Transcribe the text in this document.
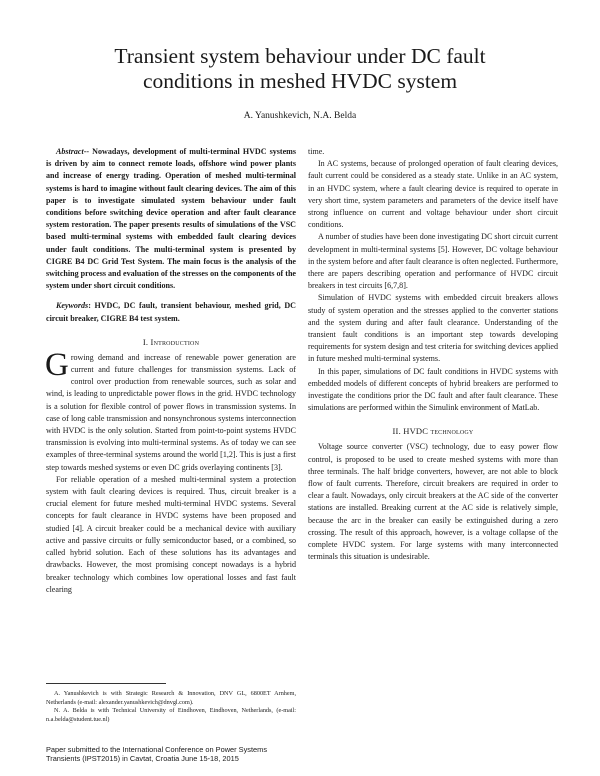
Transient system behaviour under DC fault
conditions in meshed HVDC system
A. Yanushkevich, N.A. Belda

Abstract-- Nowadays, development of multi-terminal HVDC systems is driven by aim to connect remote loads, offshore wind power plants and increase of energy trading. Operation of meshed multi-terminal systems is hard to imagine without fault clearing devices. The aim of this paper is to investigate simulated system behaviour under fault conditions before switching device operation and after fault clearance system restoration. The paper presents results of simulations of the VSC based multi-terminal systems with embedded fault clearing devices under fault conditions. The multi-terminal system is presented by CIGRE B4 DC Grid Test System. The main focus is the analysis of the switching process and evaluation of the stresses on the components of the system under short circuit conditions.

Keywords: HVDC, DC fault, transient behaviour, meshed grid, DC circuit breaker, CIGRE B4 test system.

I. Introduction

Growing demand and increase of renewable power generation are current and future challenges for transmission systems. Lack of control over production from renewable sources, such as solar and wind, is leading to unpredictable power flows in the grid. HVDC technology is a solution for flexible control of power flows in transmission systems. In case of long cable transmission and nonsynchronous systems interconnection with HVDC is the only solution. Started from point-to-point systems HVDC transmission is evolving into multi-terminal systems. As of today we can see examples of three-terminal systems around the world [1,2]. This is just a first step towards meshed systems or even DC grids overlaying continents [3].

For reliable operation of a meshed multi-terminal system a protection system with fault clearing devices is required. Thus, circuit breaker is a crucial element for future meshed multi-terminal HVDC systems. Several concepts for fault clearance in HVDC systems have been proposed and studied [4]. A circuit breaker could be a mechanical device with auxiliary active and passive circuits or fully semiconductor based, or a combined, so called hybrid solution. Each of these solutions has its advantages and drawbacks. However, the most promising concept nowadays is a hybrid breaker technology which combines low operational losses and fast fault clearing

time.

In AC systems, because of prolonged operation of fault clearing devices, fault current could be considered as a steady state. Unlike in an AC system, in an HVDC system, where a fault clearing device is required to operate in very short time, system parameters and parameters of the device itself have strong influence on current and voltage behaviour under short circuit conditions.

A number of studies have been done investigating DC short circuit current development in multi-terminal systems [5]. However, DC voltage behaviour in the system before and after fault clearance is often neglected. Furthermore, there are papers describing operation and performance of HVDC circuit breakers in test circuits [6,7,8].

Simulation of HVDC systems with embedded circuit breakers allows study of system operation and the stresses applied to the converter stations and the system during and after fault clearance. Understanding of the transient fault conditions is an important step towards developing requirements for system design and test criteria for switching devices applied in future meshed multi-terminal systems.

In this paper, simulations of DC fault conditions in HVDC systems with embedded models of different concepts of hybrid breakers are performed to investigate the conditions prior the DC fault and after fault clearance. These simulations are performed within the Simulink environment of MatLab.

II. HVDC technology

Voltage source converter (VSC) technology, due to easy power flow control, is proposed to be used to create meshed systems with more than three terminals. The half bridge converters, however, are not able to block flow of fault currents. Therefore, circuit breakers are required in order to clear a fault. Nowadays, only circuit breakers at the AC side of the converter stations are installed. Breaking current at the AC side is relatively simple, because the arc in the breaker can easily be extinguished during a zero crossing. The result of this approach, however, is a voltage collapse of the complete HVDC system. For large systems with many interconnected terminals this situation is undesirable.

A. Yanushkevich is with Strategic Research & Innovation, DNV GL, 6800ET Arnhem, Netherlands (e-mail: alexander.yanushkevich@dnvgl.com).

N. A. Belda is with Technical University of Eindhoven, Eindhoven, Netherlands, (e-mail: n.a.belda@student.tue.nl)

Paper submitted to the International Conference on Power Systems

Transients (IPST2015) in Cavtat, Croatia June 15-18, 2015
